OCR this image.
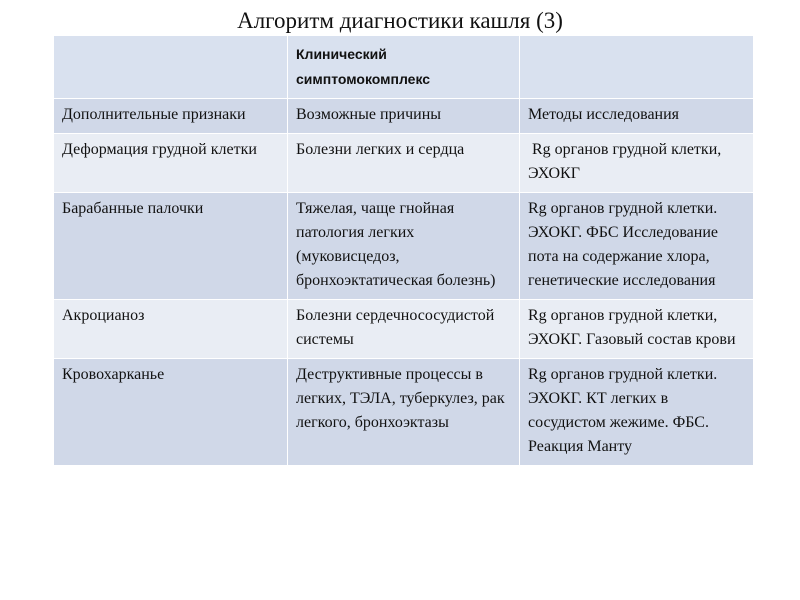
Алгоритм диагностики кашля (3)
	Клинический симптомокомплекс	
Дополнительные признаки	Возможные причины	Методы исследования
Деформация грудной клетки	Болезни легких и сердца	Rg органов грудной клетки, ЭХОКГ
Барабанные палочки	Тяжелая, чаще гнойная патология легких (муковисцедоз, бронхоэктатическая болезнь)	Rg органов грудной клетки.  ЭХОКГ. ФБС Исследование пота на содержание хлора, генетические исследования
Акроцианоз	Болезни сердечнососудистой системы	Rg органов грудной клетки, ЭХОКГ. Газовый состав крови
Кровохарканье	Деструктивные процессы в легких, ТЭЛА, туберкулез, рак легкого, бронхоэктазы	Rg органов грудной клетки. ЭХОКГ. КТ легких в сосудистом жежиме. ФБС. Реакция Манту
